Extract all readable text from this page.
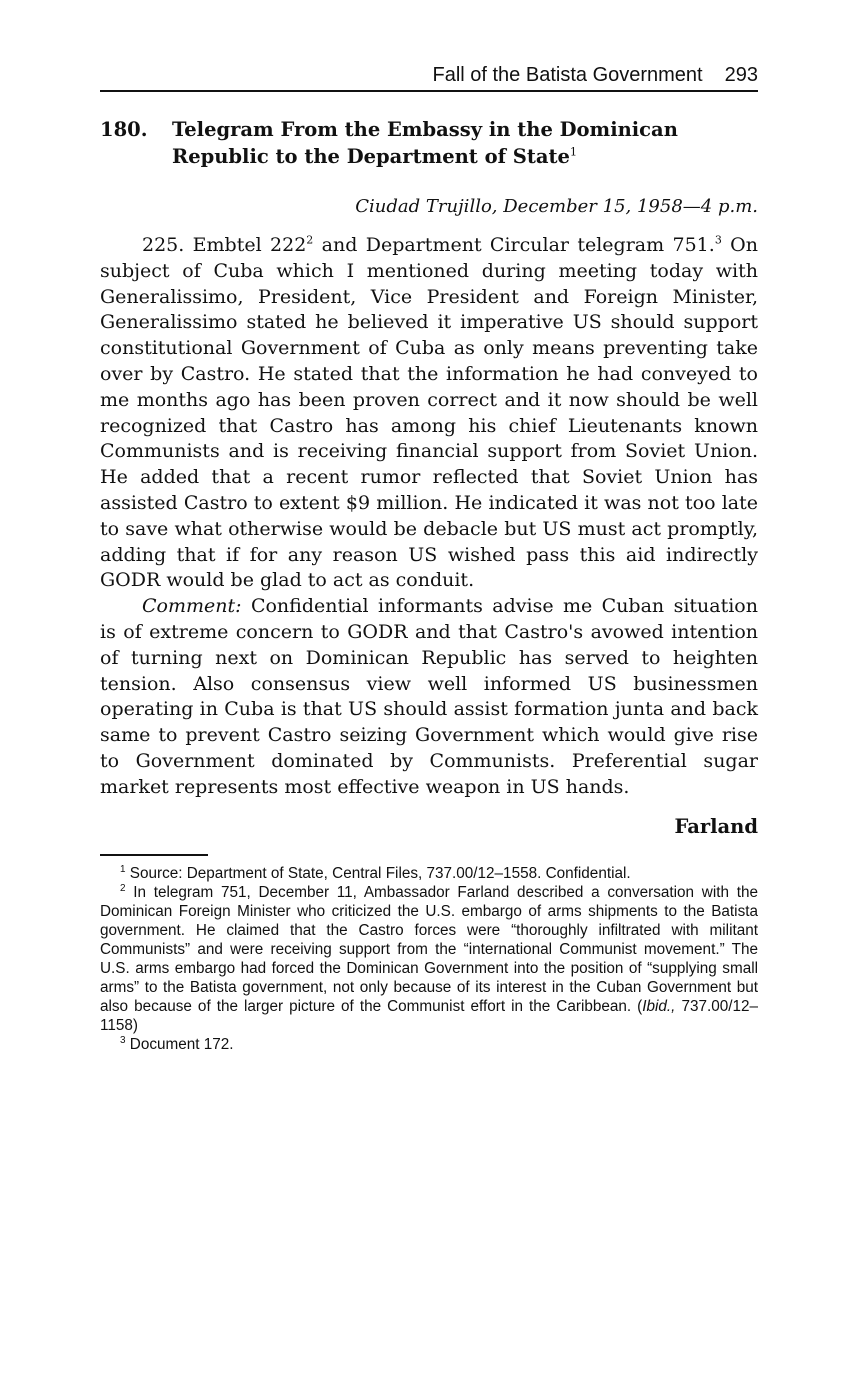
Fall of the Batista Government 293
180.	Telegram From the Embassy in the Dominican Republic to the Department of State$^1$
Ciudad Trujillo, December 15, 1958—4 p.m.

225. Embtel $222^2$ and Department Circular telegram 751.$^3$ On subject of Cuba which I mentioned during meeting today with Generalissimo, President, Vice President and Foreign Minister, Generalissimo stated he believed it imperative US should support constitutional Government of Cuba as only means preventing take over by Castro. He stated that the information he had conveyed to me months ago has been proven correct and it now should be well recognized that Castro has among his chief Lieutenants known Communists and is receiving financial support from Soviet Union. He added that a recent rumor reflected that Soviet Union has assisted Castro to extent $9 million. He indicated it was not too late to save what otherwise would be debacle but US must act promptly, adding that if for any reason US wished pass this aid indirectly GODR would be glad to act as conduit.

Comment: Confidential informants advise me Cuban situation is of extreme concern to GODR and that Castro's avowed intention of turning next on Dominican Republic has served to heighten tension. Also consensus view well informed US businessmen operating in Cuba is that US should assist formation junta and back same to prevent Castro seizing Government which would give rise to Government dominated by Communists. Preferential sugar market represents most effective weapon in US hands.

Farland

$^1$ Source: Department of State, Central Files, 737.00/12–1558. Confidential.

$^2$ In telegram 751, December 11, Ambassador Farland described a conversation with the Dominican Foreign Minister who criticized the U.S. embargo of arms shipments to the Batista government. He claimed that the Castro forces were “thoroughly infiltrated with militant Communists” and were receiving support from the “international Communist movement.” The U.S. arms embargo had forced the Dominican Government into the position of “supplying small arms” to the Batista government, not only because of its interest in the Cuban Government but also because of the larger picture of the Communist effort in the Caribbean. (Ibid., 737.00/12–1158)

$^3$ Document 172.
